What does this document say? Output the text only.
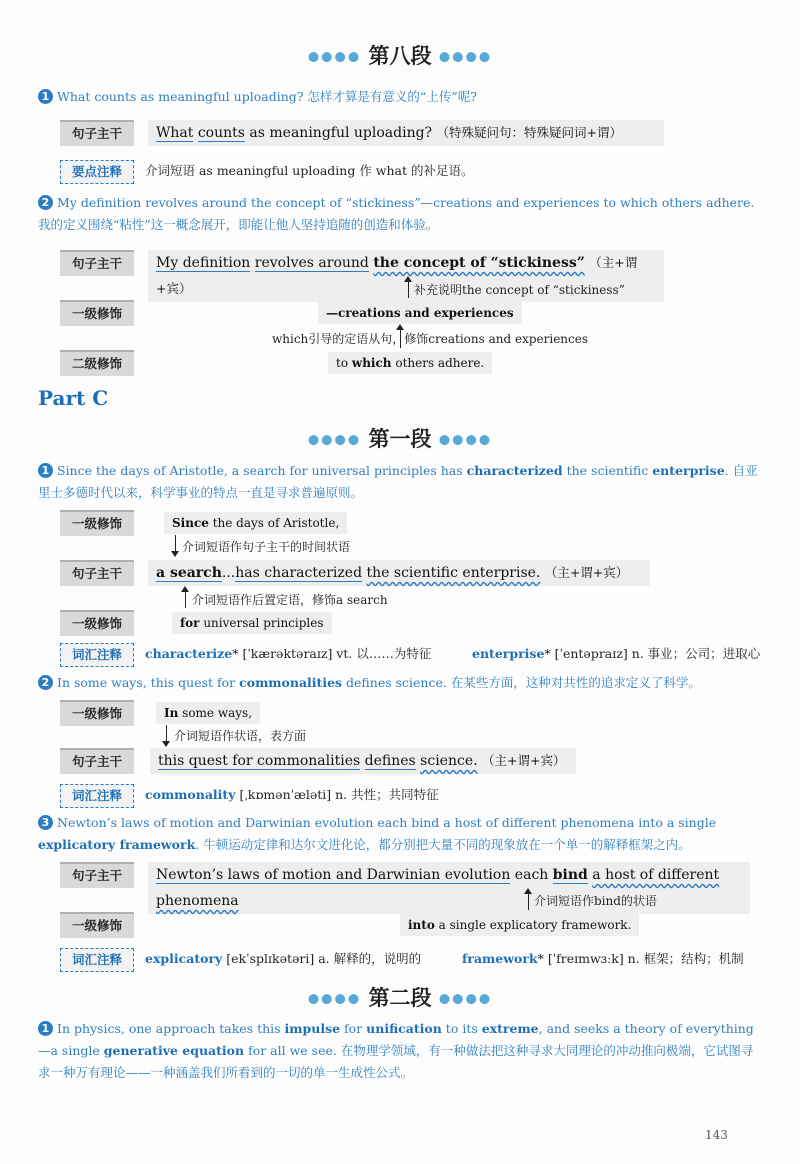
●●●● 第八段 ●●●●
1 What counts as meaningful uploading? 怎样才算是有意义的“上传”呢?
句子主干	What counts as meaningful uploading? （特殊疑问句：特殊疑问词+谓）
要点注释	介词短语 as meaningful uploading 作 what 的补足语。
2 My definition revolves around the concept of “stickiness”—creations and experiences to which others adhere. 我的定义围绕“粘性”这一概念展开，即能让他人坚持追随的创造和体验。
句子主干	My definition revolves around the concept of “stickiness” （主+谓+宾）	补充说明the concept of “stickiness”
一级修饰	—creations and experiences
which引导的定语从句，修饰creations and experiences
二级修饰	to which others adhere.
Part C
●●●● 第一段 ●●●●
1 Since the days of Aristotle, a search for universal principles has characterized the scientific enterprise. 自亚里士多德时代以来，科学事业的特点一直是寻求普遍原则。
一级修饰	Since the days of Aristotle,
介词短语作句子主干的时间状语
句子主干	a search...has characterized the scientific enterprise. （主+谓+宾）
介词短语作后置定语，修饰a search
一级修饰	for universal principles
词汇注释	characterize* [ˈkærəktəraɪz] vt. 以……为特征	enterprise* [ˈentəpraɪz] n. 事业；公司；进取心
2 In some ways, this quest for commonalities defines science. 在某些方面，这种对共性的追求定义了科学。
一级修饰	In some ways,
介词短语作状语，表方面
句子主干	this quest for commonalities defines science. （主+谓+宾）
词汇注释	commonality [ˌkɒmənˈæləti] n. 共性；共同特征
3 Newton’s laws of motion and Darwinian evolution each bind a host of different phenomena into a single explicatory framework. 牛顿运动定律和达尔文进化论，都分别把大量不同的现象放在一个单一的解释框架之内。
句子主干	Newton’s laws of motion and Darwinian evolution each bind a host of different phenomena	介词短语作bind的状语
一级修饰	into a single explicatory framework.
词汇注释	explicatory [ekˈsplɪkətəri] a. 解释的，说明的	framework* [ˈfreɪmwɜːk] n. 框架；结构；机制
●●●● 第二段 ●●●●
1 In physics, one approach takes this impulse for unification to its extreme, and seeks a theory of everything—a single generative equation for all we see. 在物理学领域，有一种做法把这种寻求大同理论的冲动推向极端，它试图寻求一种万有理论——一种涵盖我们所看到的一切的单一生成性公式。
143
